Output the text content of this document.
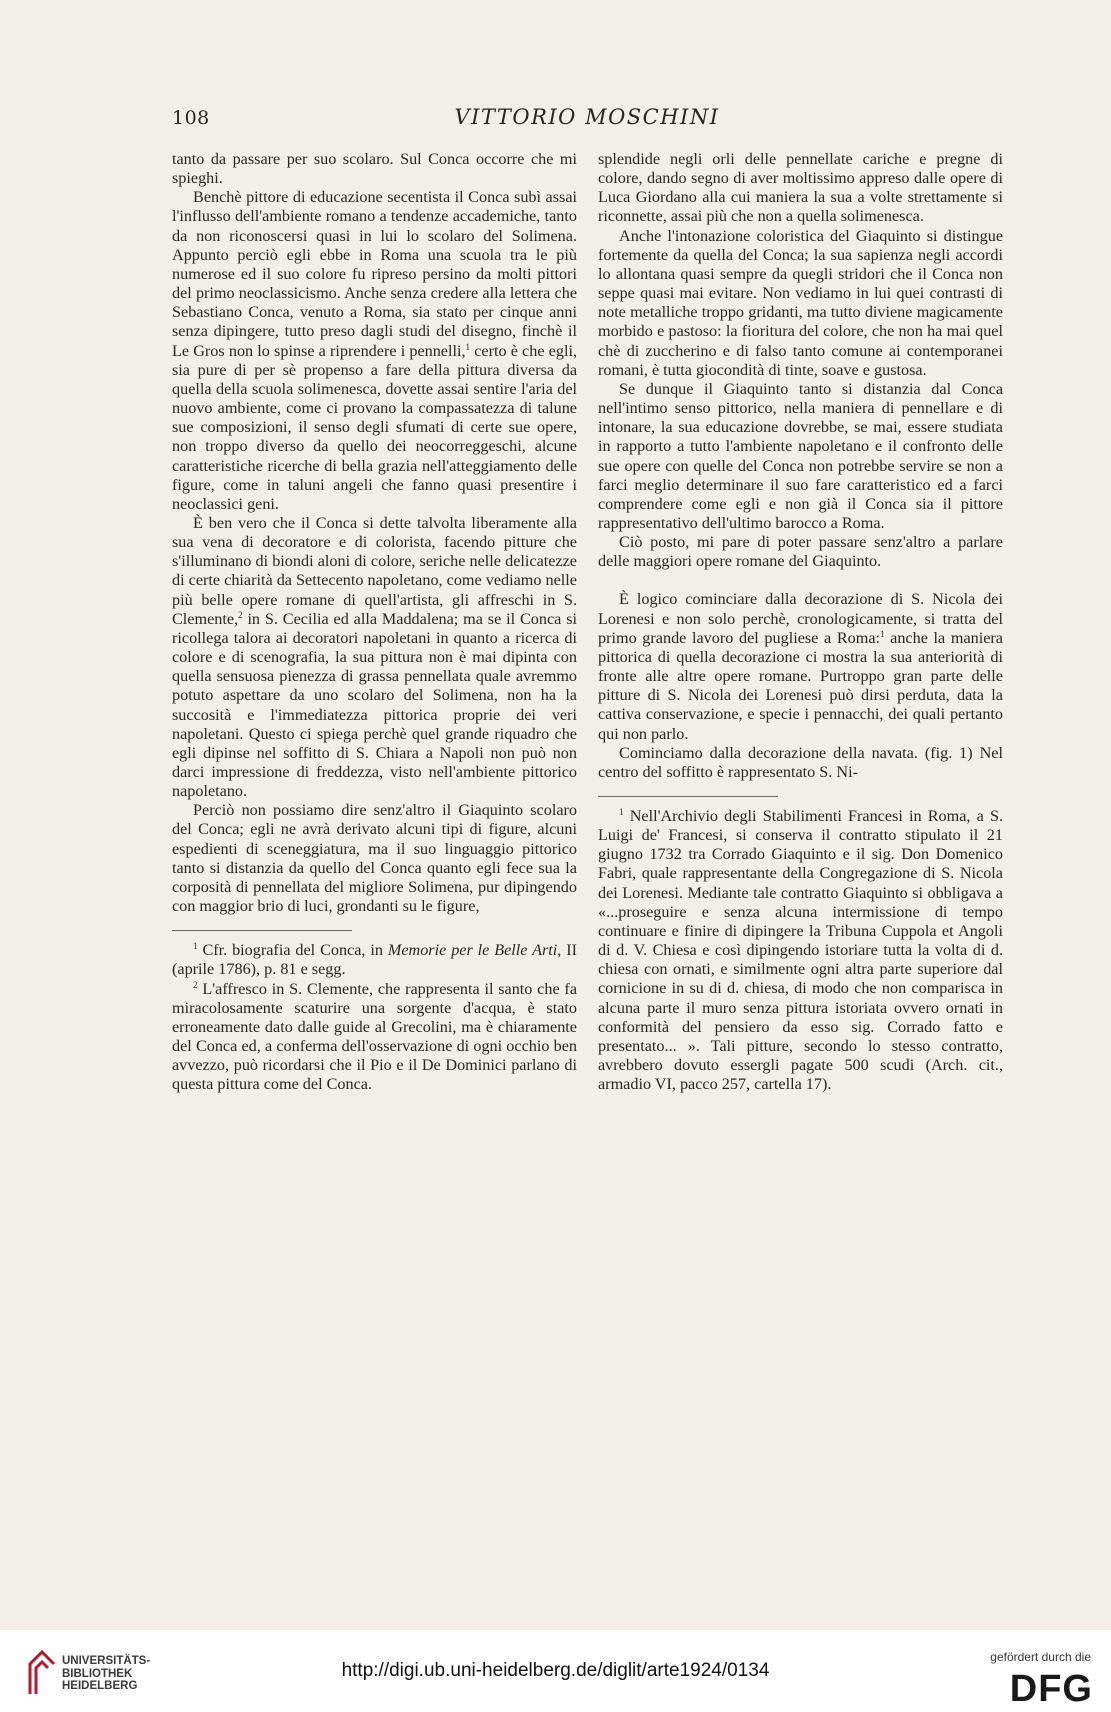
108	VITTORIO MOSCHINI

tanto da passare per suo scolaro. Sul Conca occorre che mi spieghi.

Benchè pittore di educazione secentista il Conca subì assai l'influsso dell'ambiente romano a tendenze accademiche, tanto da non riconoscersi quasi in lui lo scolaro del Solimena. Appunto perciò egli ebbe in Roma una scuola tra le più numerose ed il suo colore fu ripreso persino da molti pittori del primo neoclassicismo. Anche senza credere alla lettera che Sebastiano Conca, venuto a Roma, sia stato per cinque anni senza dipingere, tutto preso dagli studi del disegno, finchè il Le Gros non lo spinse a riprendere i pennelli,$^1$ certo è che egli, sia pure di per sè propenso a fare della pittura diversa da quella della scuola solimenesca, dovette assai sentire l'aria del nuovo ambiente, come ci provano la compassatezza di talune sue composizioni, il senso degli sfumati di certe sue opere, non troppo diverso da quello dei neocorreggeschi, alcune caratteristiche ricerche di bella grazia nell'atteggiamento delle figure, come in taluni angeli che fanno quasi presentire i neoclassici geni.

È ben vero che il Conca si dette talvolta liberamente alla sua vena di decoratore e di colorista, facendo pitture che s'illuminano di biondi aloni di colore, seriche nelle delicatezze di certe chiarità da Settecento napoletano, come vediamo nelle più belle opere romane di quell'artista, gli affreschi in S. Clemente,$^2$ in S. Cecilia ed alla Maddalena; ma se il Conca si ricollega talora ai decoratori napoletani in quanto a ricerca di colore e di scenografia, la sua pittura non è mai dipinta con quella sensuosa pienezza di grassa pennellata quale avremmo potuto aspettare da uno scolaro del Solimena, non ha la succosità e l'immediatezza pittorica proprie dei veri napoletani. Questo ci spiega perchè quel grande riquadro che egli dipinse nel soffitto di S. Chiara a Napoli non può non darci impressione di freddezza, visto nell'ambiente pittorico napoletano.

Perciò non possiamo dire senz'altro il Giaquinto scolaro del Conca; egli ne avrà derivato alcuni tipi di figure, alcuni espedienti di sceneggiatura, ma il suo linguaggio pittorico tanto si distanzia da quello del Conca quanto egli fece sua la corposità di pennellata del migliore Solimena, pur dipingendo con maggior brio di luci, grondanti su le figure,

$^1$ Cfr. biografia del Conca, in Memorie per le Belle Arti, II (aprile 1786), p. 81 e segg.

$^2$ L'affresco in S. Clemente, che rappresenta il santo che fa miracolosamente scaturire una sorgente d'acqua, è stato erroneamente dato dalle guide al Grecolini, ma è chiaramente del Conca ed, a conferma dell'osservazione di ogni occhio ben avvezzo, può ricordarsi che il Pio e il De Dominici parlano di questa pittura come del Conca.

splendide negli orli delle pennellate cariche e pregne di colore, dando segno di aver moltissimo appreso dalle opere di Luca Giordano alla cui maniera la sua a volte strettamente si riconnette, assai più che non a quella solimenesca.

Anche l'intonazione coloristica del Giaquinto si distingue fortemente da quella del Conca; la sua sapienza negli accordi lo allontana quasi sempre da quegli stridori che il Conca non seppe quasi mai evitare. Non vediamo in lui quei contrasti di note metalliche troppo gridanti, ma tutto diviene magicamente morbido e pastoso: la fioritura del colore, che non ha mai quel chè di zuccherino e di falso tanto comune ai contemporanei romani, è tutta giocondità di tinte, soave e gustosa.

Se dunque il Giaquinto tanto si distanzia dal Conca nell'intimo senso pittorico, nella maniera di pennellare e di intonare, la sua educazione dovrebbe, se mai, essere studiata in rapporto a tutto l'ambiente napoletano e il confronto delle sue opere con quelle del Conca non potrebbe servire se non a farci meglio determinare il suo fare caratteristico ed a farci comprendere come egli e non già il Conca sia il pittore rappresentativo dell'ultimo barocco a Roma.

Ciò posto, mi pare di poter passare senz'altro a parlare delle maggiori opere romane del Giaquinto.

È logico cominciare dalla decorazione di S. Nicola dei Lorenesi e non solo perchè, cronologicamente, si tratta del primo grande lavoro del pugliese a Roma:$^1$ anche la maniera pittorica di quella decorazione ci mostra la sua anteriorità di fronte alle altre opere romane. Purtroppo gran parte delle pitture di S. Nicola dei Lorenesi può dirsi perduta, data la cattiva conservazione, e specie i pennacchi, dei quali pertanto qui non parlo.

Cominciamo dalla decorazione della navata. (fig. 1) Nel centro del soffitto è rappresentato S. Ni-

$^1$ Nell'Archivio degli Stabilimenti Francesi in Roma, a S. Luigi de' Francesi, si conserva il contratto stipulato il 21 giugno 1732 tra Corrado Giaquinto e il sig. Don Domenico Fabri, quale rappresentante della Congregazione di S. Nicola dei Lorenesi. Mediante tale contratto Giaquinto si obbligava a «...proseguire e senza alcuna intermissione di tempo continuare e finire di dipingere la Tribuna Cuppola et Angoli di d. V. Chiesa e così dipingendo istoriare tutta la volta di d. chiesa con ornati, e similmente ogni altra parte superiore dal cornicione in su di d. chiesa, di modo che non comparisca in alcuna parte il muro senza pittura istoriata ovvero ornati in conformità del pensiero da esso sig. Corrado fatto e presentato... ». Tali pitture, secondo lo stesso contratto, avrebbero dovuto essergli pagate 500 scudi (Arch. cit., armadio VI, pacco 257, cartella 17).

UNIVERSITÄTS-
BIBLIOTHEK
HEIDELBERG
http://digi.ub.uni-heidelberg.de/diglit/arte1924/0134
gefördert durch die
DFG
